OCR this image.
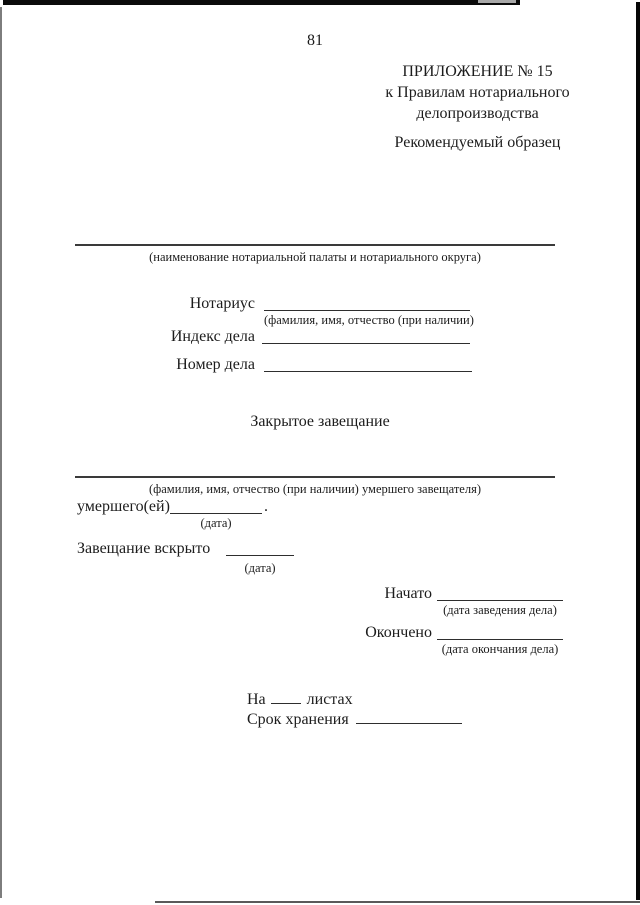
81
ПРИЛОЖЕНИЕ № 15
к Правилам нотариального
делопроизводства
Рекомендуемый образец
(наименование нотариальной палаты и нотариального округа)
Нотариус
(фамилия, имя, отчество (при наличии)
Индекс дела
Номер дела
Закрытое завещание
(фамилия, имя, отчество (при наличии) умершего завещателя)
умершего(ей)	.
(дата)
Завещание вскрыто
(дата)
Начато
(дата заведения дела)
Окончено
(дата окончания дела)
На	листах
Срок хранения
